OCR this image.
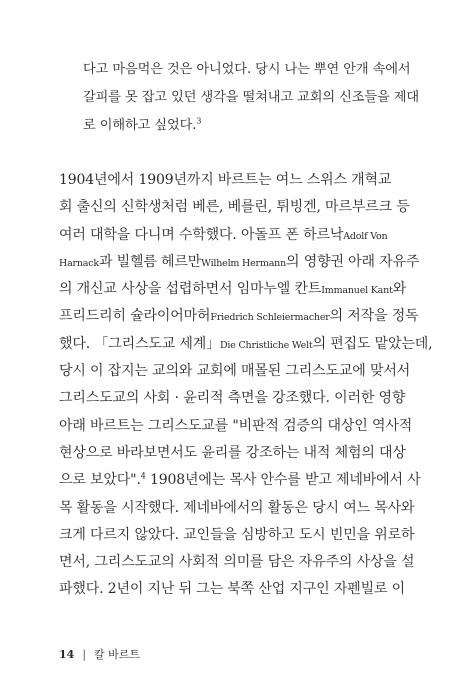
다고 마음먹은 것은 아니었다. 당시 나는 뿌연 안개 속에서
갈피를 못 잡고 있던 생각을 떨쳐내고 교회의 신조들을 제대
로 이해하고 싶었다.$^3$
1904년에서 1909년까지 바르트는 여느 스위스 개혁교
회 출신의 신학생처럼 베른, 베를린, 튀빙겐, 마르부르크 등
여러 대학을 다니며 수학했다. 아돌프 폰 하르낙Adolf Von
Harnack과 빌헬름 헤르만Wilhelm Hermann의 영향권 아래 자유주
의 개신교 사상을 섭렵하면서 임마누엘 칸트Immanuel Kant와
프리드리히 슐라이어마허Friedrich Schleiermacher의 저작을 정독
했다. 「그리스도교 세계」Die Christliche Welt의 편집도 맡았는데,
당시 이 잡지는 교의와 교회에 매몰된 그리스도교에 맞서서
그리스도교의 사회 · 윤리적 측면을 강조했다. 이러한 영향
아래 바르트는 그리스도교를 "비판적 검증의 대상인 역사적
현상으로 바라보면서도 윤리를 강조하는 내적 체험의 대상
으로 보았다".$^4$ 1908년에는 목사 안수를 받고 제네바에서 사
목 활동을 시작했다. 제네바에서의 활동은 당시 여느 목사와
크게 다르지 않았다. 교인들을 심방하고 도시 빈민을 위로하
면서, 그리스도교의 사회적 의미를 담은 자유주의 사상을 설
파했다. 2년이 지난 뒤 그는 북쪽 산업 지구인 자펜빌로 이
14 | 칼 바르트
